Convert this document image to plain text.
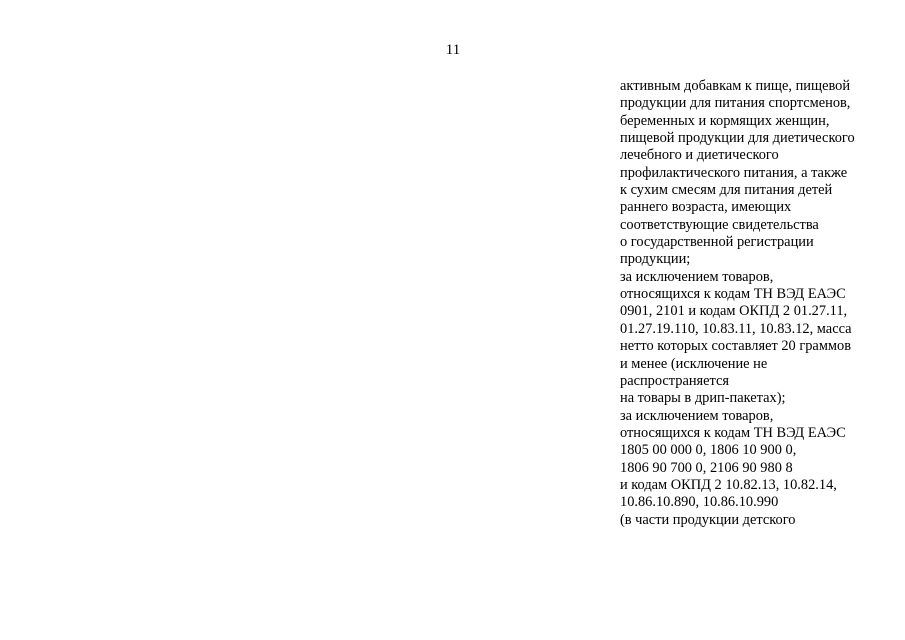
11
активным добавкам к пище, пищевой
продукции для питания спортсменов,
беременных и кормящих женщин,
пищевой продукции для диетического
лечебного и диетического
профилактического питания, а также
к сухим смесям для питания детей
раннего возраста, имеющих
соответствующие свидетельства
о государственной регистрации
продукции;
за исключением товаров,
относящихся к кодам ТН ВЭД ЕАЭС
0901, 2101 и кодам ОКПД 2 01.27.11,
01.27.19.110, 10.83.11, 10.83.12, масса
нетто которых составляет 20 граммов
и менее (исключение не
распространяется
на товары в дрип-пакетах);
за исключением товаров,
относящихся к кодам ТН ВЭД ЕАЭС
1805 00 000 0, 1806 10 900 0,
1806 90 700 0, 2106 90 980 8
и кодам ОКПД 2 10.82.13, 10.82.14,
10.86.10.890, 10.86.10.990
(в части продукции детского
